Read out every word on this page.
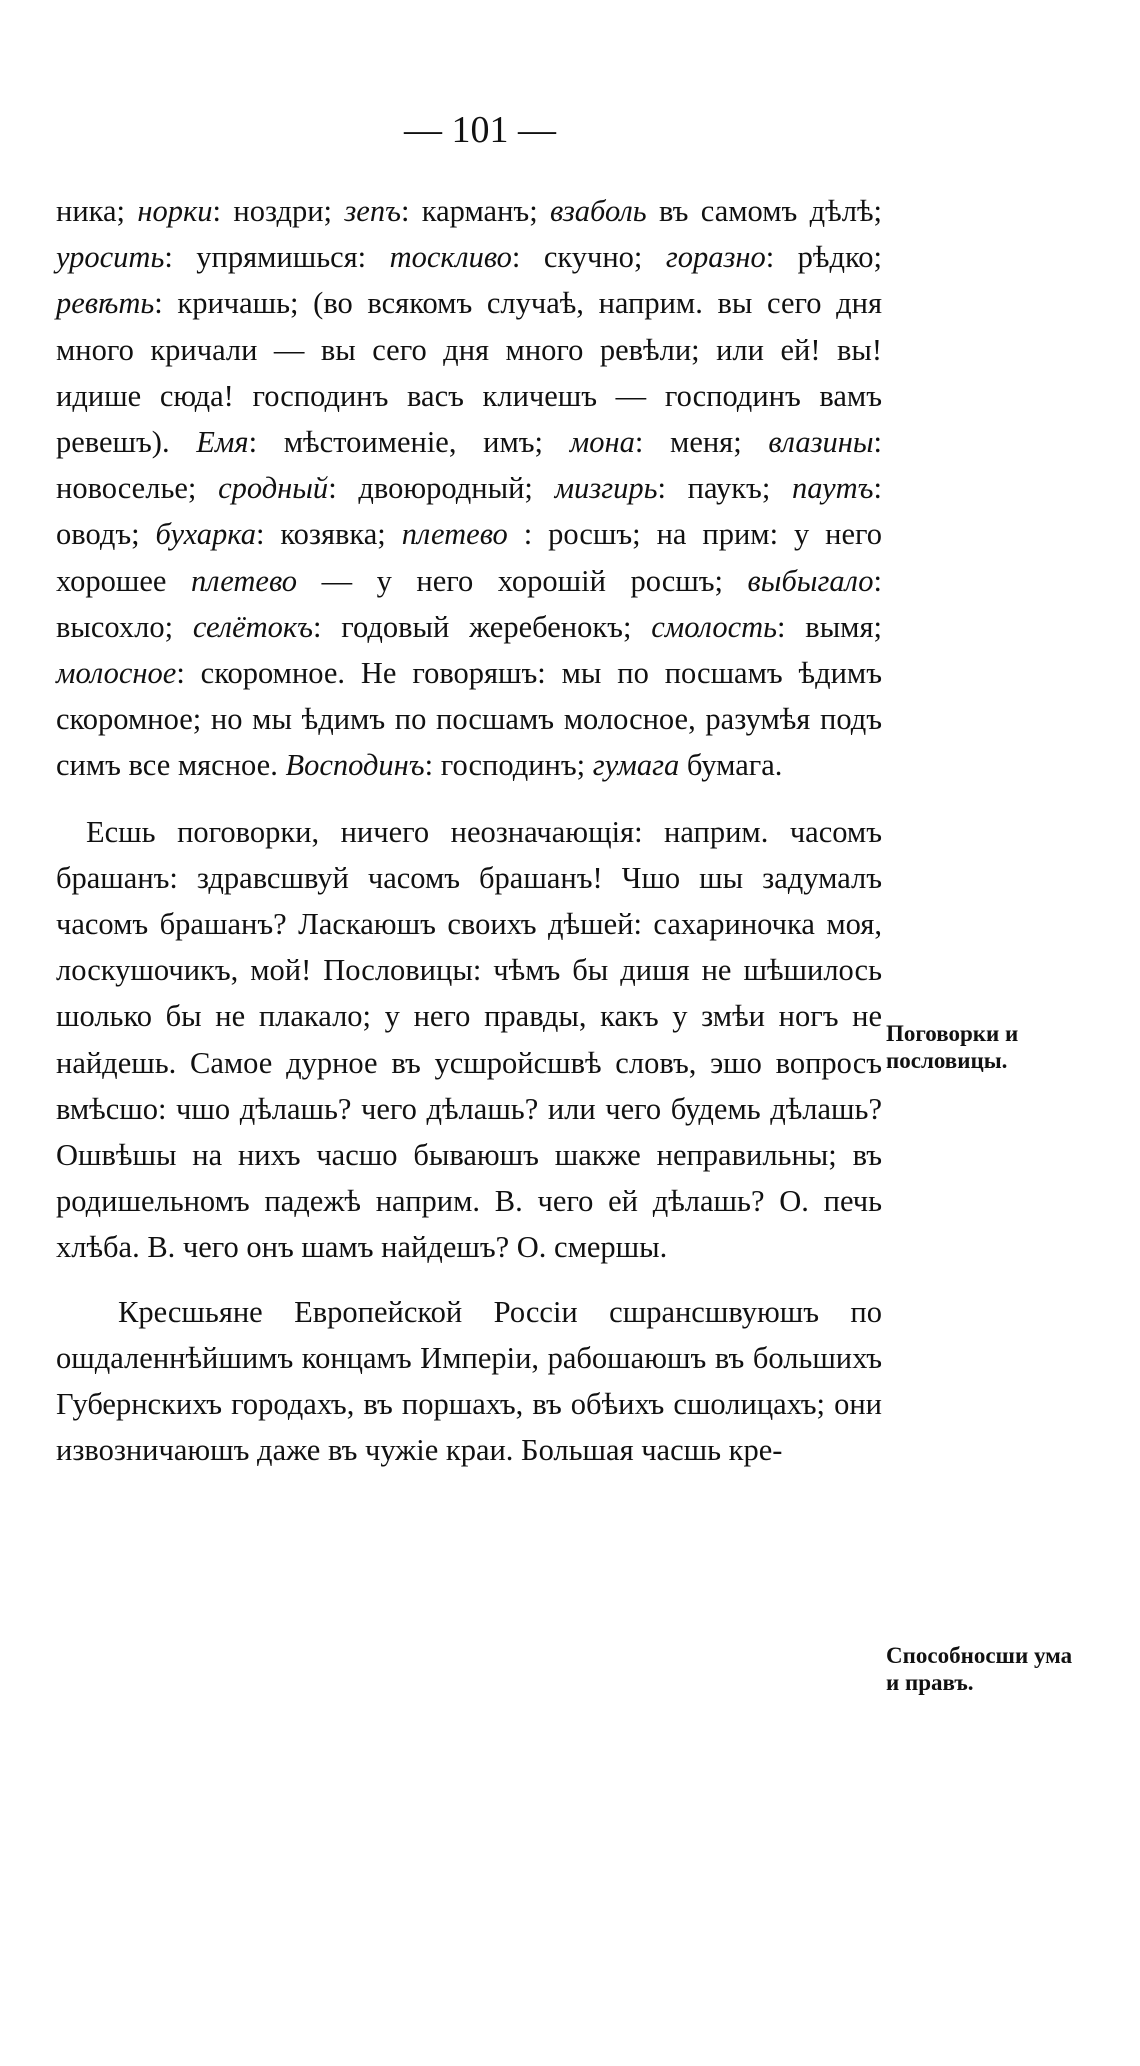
— 101 —

ника; норки: ноздри; зепъ: карманъ; взаболь въ самомъ дѣлѣ; уросить: упрямишься: тоскливо: скучно; горазно: рѣдко; ревѣть: кричашь; (во всякомъ случаѣ, наприм. вы сего дня много кричали — вы сего дня много ревѣли; или ей! вы! идише сюда! господинъ васъ кличешъ — господинъ вамъ ревешъ). Емя: мѣстоименіе, имъ; мона: меня; влазины: новоселье; сродный: двоюродный; мизгирь: паукъ; паутъ: оводъ; бухарка: козявка; плетево : росшъ; на прим: у него хорошее плетево — у него хорошій росшъ; выбыгало: высохло; селётокъ: годовый жеребенокъ; смолость: вымя; молосное: скоромное. Не говоряшъ: мы по посшамъ ѣдимъ скоромное; но мы ѣдимъ по посшамъ молосное, разумѣя подъ симъ все мясное. Восподинъ: господинъ; гумага бумага.

Есшь поговорки, ничего неозначающія: наприм. часомъ брашанъ: здравсшвуй часомъ брашанъ! Чшо шы задумалъ часомъ брашанъ? Ласкаюшъ своихъ дѣшей: сахариночка моя, лоскушочикъ, мой! Пословицы: чѣмъ бы дишя не шѣшилось шолько бы не плакало; у него правды, какъ у змѣи ногъ не найдешь. Самое дурное въ усшройсшвѣ словъ, эшо вопросъ вмѣсшо: чшо дѣлашь? чего дѣлашь? или чего будемь дѣлашь? Ошвѣшы на нихъ часшо бываюшъ шакже неправильны; въ родишельномъ падежѣ наприм. В. чего ей дѣлашь? О. печь хлѣба. В. чего онъ шамъ найдешъ? О. смершы.

Кресшьяне Европейской Россіи сшрансшвуюшъ по ошдаленнѣйшимъ концамъ Имперіи, рабошаюшъ въ большихъ Губернскихъ городахъ, въ поршахъ, въ обѣихъ сшолицахъ; они извозничаюшъ даже въ чужіе краи. Большая часшь кре-

Поговорки и пословицы.
Способносши ума и правъ.
